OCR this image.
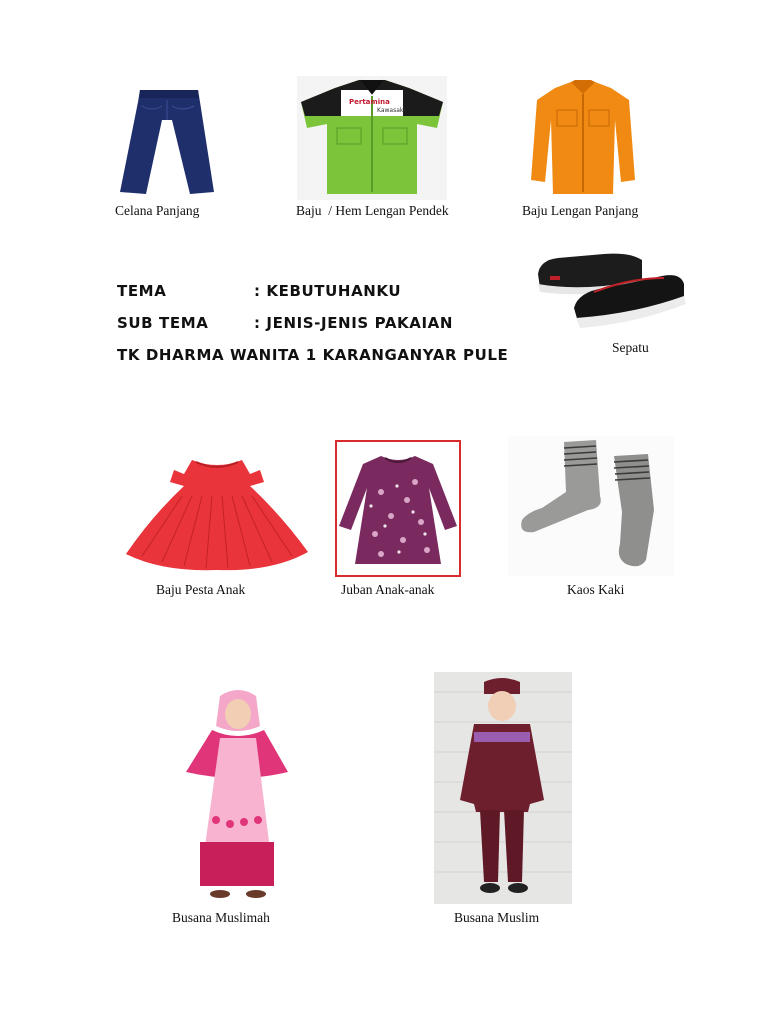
Celana Panjang
Pertamina
Kawasaki
Baju  / Hem Lengan Pendek	Baju Lengan Panjang
Sepatu
TEMA	: KEBUTUHANKU
SUB TEMA	: JENIS-JENIS PAKAIAN
TK DHARMA WANITA 1 KARANGANYAR PULE
Baju Pesta Anak	Juban Anak-anak	Kaos Kaki
Busana Muslimah	Busana Muslim
